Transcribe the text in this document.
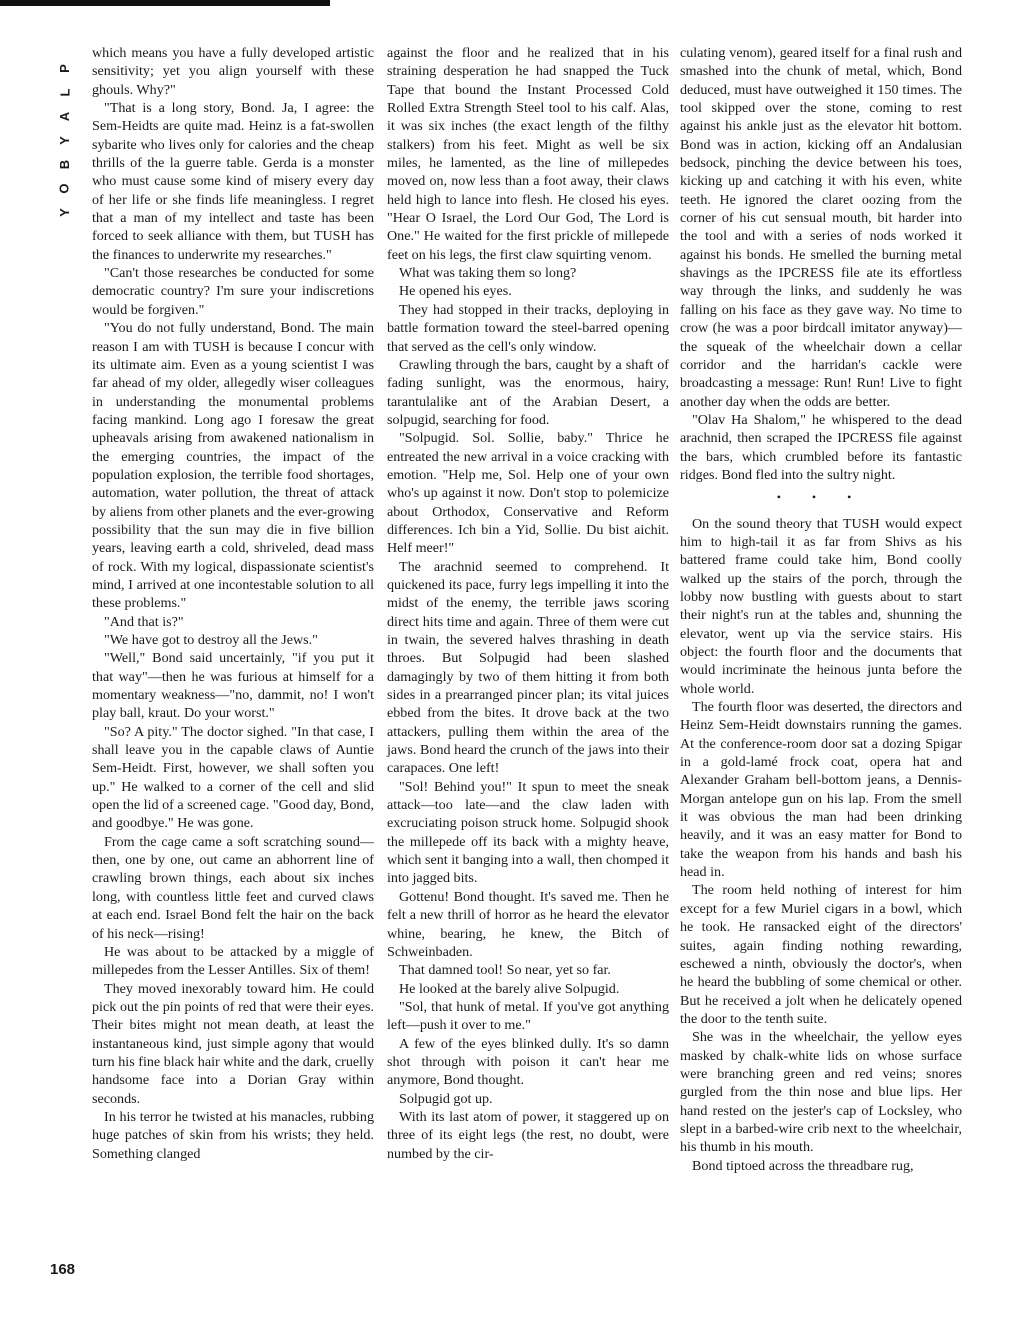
P
L
A
Y
B
O
Y

which means you have a fully developed artistic sensitivity; yet you align yourself with these ghouls. Why?"

"That is a long story, Bond. Ja, I agree: the Sem-Heidts are quite mad. Heinz is a fat-swollen sybarite who lives only for calories and the cheap thrills of the la guerre table. Gerda is a monster who must cause some kind of misery every day of her life or she finds life meaningless. I regret that a man of my intellect and taste has been forced to seek alliance with them, but TUSH has the finances to underwrite my researches."

"Can't those researches be conducted for some democratic country? I'm sure your indiscretions would be forgiven."

"You do not fully understand, Bond. The main reason I am with TUSH is because I concur with its ultimate aim. Even as a young scientist I was far ahead of my older, allegedly wiser colleagues in understanding the monumental problems facing mankind. Long ago I foresaw the great upheavals arising from awakened nationalism in the emerging countries, the impact of the population explosion, the terrible food shortages, automation, water pollution, the threat of attack by aliens from other planets and the ever-growing possibility that the sun may die in five billion years, leaving earth a cold, shriveled, dead mass of rock. With my logical, dispassionate scientist's mind, I arrived at one incontestable solution to all these problems."

"And that is?"

"We have got to destroy all the Jews."

"Well," Bond said uncertainly, "if you put it that way"—then he was furious at himself for a momentary weakness—"no, dammit, no! I won't play ball, kraut. Do your worst."

"So? A pity." The doctor sighed. "In that case, I shall leave you in the capable claws of Auntie Sem-Heidt. First, however, we shall soften you up." He walked to a corner of the cell and slid open the lid of a screened cage. "Good day, Bond, and goodbye." He was gone.

From the cage came a soft scratching sound—then, one by one, out came an abhorrent line of crawling brown things, each about six inches long, with countless little feet and curved claws at each end. Israel Bond felt the hair on the back of his neck—rising!

He was about to be attacked by a miggle of millepedes from the Lesser Antilles. Six of them!

They moved inexorably toward him. He could pick out the pin points of red that were their eyes. Their bites might not mean death, at least the instantaneous kind, just simple agony that would turn his fine black hair white and the dark, cruelly handsome face into a Dorian Gray within seconds.

In his terror he twisted at his manacles, rubbing huge patches of skin from his wrists; they held. Something clanged

against the floor and he realized that in his straining desperation he had snapped the Tuck Tape that bound the Instant Processed Cold Rolled Extra Strength Steel tool to his calf. Alas, it was six inches (the exact length of the filthy stalkers) from his feet. Might as well be six miles, he lamented, as the line of millepedes moved on, now less than a foot away, their claws held high to lance into flesh. He closed his eyes. "Hear O Israel, the Lord Our God, The Lord is One." He waited for the first prickle of millepede feet on his legs, the first claw squirting venom.

What was taking them so long?

He opened his eyes.

They had stopped in their tracks, deploying in battle formation toward the steel-barred opening that served as the cell's only window.

Crawling through the bars, caught by a shaft of fading sunlight, was the enormous, hairy, tarantulalike ant of the Arabian Desert, a solpugid, searching for food.

"Solpugid. Sol. Sollie, baby." Thrice he entreated the new arrival in a voice cracking with emotion. "Help me, Sol. Help one of your own who's up against it now. Don't stop to polemicize about Orthodox, Conservative and Reform differences. Ich bin a Yid, Sollie. Du bist aichit. Helf meer!"

The arachnid seemed to comprehend. It quickened its pace, furry legs impelling it into the midst of the enemy, the terrible jaws scoring direct hits time and again. Three of them were cut in twain, the severed halves thrashing in death throes. But Solpugid had been slashed damagingly by two of them hitting it from both sides in a prearranged pincer plan; its vital juices ebbed from the bites. It drove back at the two attackers, pulling them within the area of the jaws. Bond heard the crunch of the jaws into their carapaces. One left!

"Sol! Behind you!" It spun to meet the sneak attack—too late—and the claw laden with excruciating poison struck home. Solpugid shook the millepede off its back with a mighty heave, which sent it banging into a wall, then chomped it into jagged bits.

Gottenu! Bond thought. It's saved me. Then he felt a new thrill of horror as he heard the elevator whine, bearing, he knew, the Bitch of Schweinbaden.

That damned tool! So near, yet so far.

He looked at the barely alive Solpugid.

"Sol, that hunk of metal. If you've got anything left—push it over to me."

A few of the eyes blinked dully. It's so damn shot through with poison it can't hear me anymore, Bond thought.

Solpugid got up.

With its last atom of power, it staggered up on three of its eight legs (the rest, no doubt, were numbed by the cir-

culating venom), geared itself for a final rush and smashed into the chunk of metal, which, Bond deduced, must have outweighed it 150 times. The tool skipped over the stone, coming to rest against his ankle just as the elevator hit bottom. Bond was in action, kicking off an Andalusian bedsock, pinching the device between his toes, kicking up and catching it with his even, white teeth. He ignored the claret oozing from the corner of his cut sensual mouth, bit harder into the tool and with a series of nods worked it against his bonds. He smelled the burning metal shavings as the IPCRESS file ate its effortless way through the links, and suddenly he was falling on his face as they gave way. No time to crow (he was a poor birdcall imitator anyway)—the squeak of the wheelchair down a cellar corridor and the harridan's cackle were broadcasting a message: Run! Run! Live to fight another day when the odds are better.

"Olav Ha Shalom," he whispered to the dead arachnid, then scraped the IPCRESS file against the bars, which crumbled before its fantastic ridges. Bond fled into the sultry night.

• • •

On the sound theory that TUSH would expect him to high-tail it as far from Shivs as his battered frame could take him, Bond coolly walked up the stairs of the porch, through the lobby now bustling with guests about to start their night's run at the tables and, shunning the elevator, went up via the service stairs. His object: the fourth floor and the documents that would incriminate the heinous junta before the whole world.

The fourth floor was deserted, the directors and Heinz Sem-Heidt downstairs running the games. At the conference-room door sat a dozing Spigar in a gold-lamé frock coat, opera hat and Alexander Graham bell-bottom jeans, a Dennis-Morgan antelope gun on his lap. From the smell it was obvious the man had been drinking heavily, and it was an easy matter for Bond to take the weapon from his hands and bash his head in.

The room held nothing of interest for him except for a few Muriel cigars in a bowl, which he took. He ransacked eight of the directors' suites, again finding nothing rewarding, eschewed a ninth, obviously the doctor's, when he heard the bubbling of some chemical or other. But he received a jolt when he delicately opened the door to the tenth suite.

She was in the wheelchair, the yellow eyes masked by chalk-white lids on whose surface were branching green and red veins; snores gurgled from the thin nose and blue lips. Her hand rested on the jester's cap of Locksley, who slept in a barbed-wire crib next to the wheelchair, his thumb in his mouth.

Bond tiptoed across the threadbare rug,

168
